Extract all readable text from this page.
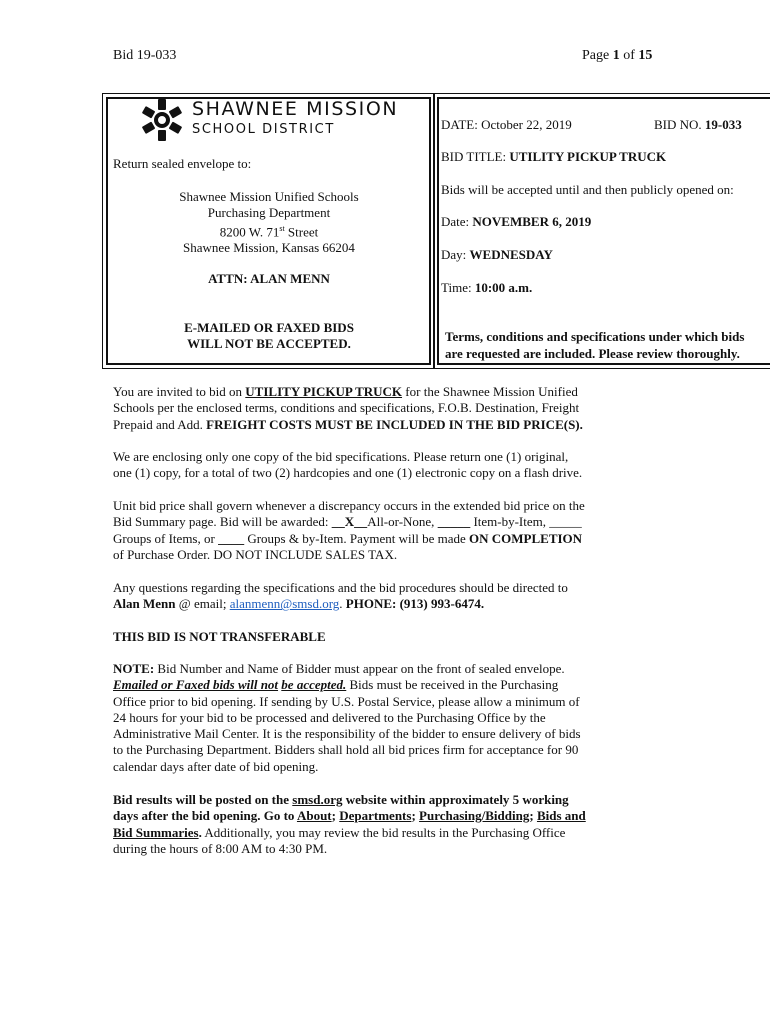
Bid 19-033	Page 1 of 15
SHAWNEE MISSION
SCHOOL DISTRICT
Return sealed envelope to:
Shawnee Mission Unified Schools
Purchasing Department
8200 W. 71st Street
Shawnee Mission, Kansas 66204
ATTN: ALAN MENN
E-MAILED OR FAXED BIDS
WILL NOT BE ACCEPTED.
DATE: October 22, 2019	BID NO. 19-033
BID TITLE: UTILITY PICKUP TRUCK
Bids will be accepted until and then publicly opened on:
Date: NOVEMBER 6, 2019
Day: WEDNESDAY
Time: 10:00 a.m.
Terms, conditions and specifications under which bids
are requested are included. Please review thoroughly.
You are invited to bid on UTILITY PICKUP TRUCK for the Shawnee Mission Unified
Schools per the enclosed terms, conditions and specifications, F.O.B. Destination, Freight
Prepaid and Add. FREIGHT COSTS MUST BE INCLUDED IN THE BID PRICE(S).
We are enclosing only one copy of the bid specifications. Please return one (1) original,
one (1) copy, for a total of two (2) hardcopies and one (1) electronic copy on a flash drive.
Unit bid price shall govern whenever a discrepancy occurs in the extended bid price on the
Bid Summary page. Bid will be awarded: __X__All-or-None, _____ Item-by-Item, _____
Groups of Items, or ____ Groups & by-Item. Payment will be made ON COMPLETION
of Purchase Order. DO NOT INCLUDE SALES TAX.
Any questions regarding the specifications and the bid procedures should be directed to
Alan Menn @ email; alanmenn@smsd.org. PHONE: (913) 993-6474.
THIS BID IS NOT TRANSFERABLE
NOTE: Bid Number and Name of Bidder must appear on the front of sealed envelope.
Emailed or Faxed bids will not be accepted. Bids must be received in the Purchasing
Office prior to bid opening. If sending by U.S. Postal Service, please allow a minimum of
24 hours for your bid to be processed and delivered to the Purchasing Office by the
Administrative Mail Center. It is the responsibility of the bidder to ensure delivery of bids
to the Purchasing Department. Bidders shall hold all bid prices firm for acceptance for 90
calendar days after date of bid opening.
Bid results will be posted on the smsd.org website within approximately 5 working
days after the bid opening. Go to About; Departments; Purchasing/Bidding; Bids and
Bid Summaries. Additionally, you may review the bid results in the Purchasing Office
during the hours of 8:00 AM to 4:30 PM.
